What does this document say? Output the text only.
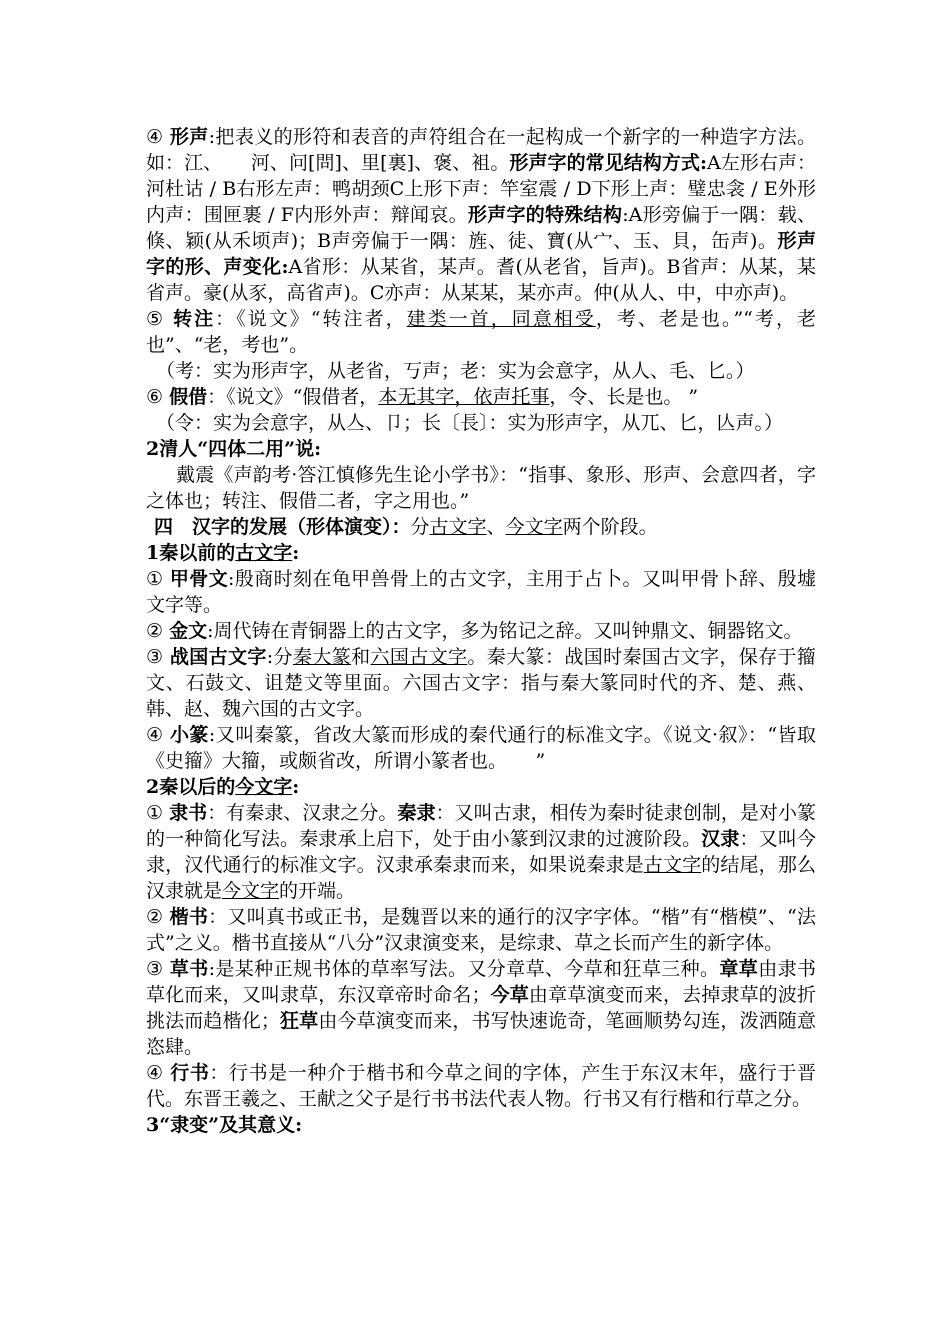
④ 形声:把表义的形符和表音的声符组合在一起构成一个新字的一种造字方法。如：江、　　河、问[問]、里[裏]、褒、袓。形声字的常见结构方式:A左形右声：河杜诂 / B右形左声：鸭胡颈C上形下声：竿室震 / D下形上声：璧忠衾 / E外形内声：围匣裹 / F内形外声：辩闻哀。形声字的特殊结构:A形旁偏于一隅：载、倏、颖(从禾顷声)；B声旁偏于一隅：旌、徒、寶(从宀、玉、貝，缶声)。形声字的形、声变化:A省形：从某省，某声。耆(从老省，旨声)。B省声：从某，某省声。豪(从豕，高省声)。C亦声：从某某，某亦声。仲(从人、中，中亦声)。

⑤ 转注：《说文》“转注者，建类一首，同意相受，考、老是也。”“考，老也”、“老，考也”。

（考：实为形声字，从老省，丂声；老：实为会意字，从人、毛、匕。）

⑥ 假借：《说文》“假借者，本无其字，依声托事，令、长是也。 ”

（令：实为会意字，从亼、卩；长〔長〕：实为形声字，从兀、匕，亾声。）

2清人“四体二用”说:

戴震《声韵考·答江慎修先生论小学书》：“指事、象形、形声、会意四者，字之体也；转注、假借二者，字之用也。”

四　汉字的发展（形体演变）：分古文字、今文字两个阶段。

1秦以前的古文字:

① 甲骨文:殷商时刻在龟甲兽骨上的古文字，主用于占卜。又叫甲骨卜辞、殷墟文字等。

② 金文:周代铸在青铜器上的古文字，多为铭记之辞。又叫钟鼎文、铜器铭文。

③ 战国古文字:分秦大篆和六国古文字。秦大篆：战国时秦国古文字，保存于籀文、石鼓文、诅楚文等里面。六国古文字：指与秦大篆同时代的齐、楚、燕、韩、赵、魏六国的古文字。

④ 小篆:又叫秦篆，省改大篆而形成的秦代通行的标准文字。《说文·叙》：“皆取《史籀》大籀，或颇省改，所谓小篆者也。　　”

2秦以后的今文字:

① 隶书：有秦隶、汉隶之分。秦隶：又叫古隶，相传为秦时徒隶创制，是对小篆的一种简化写法。秦隶承上启下，处于由小篆到汉隶的过渡阶段。汉隶：又叫今隶，汉代通行的标准文字。汉隶承秦隶而来，如果说秦隶是古文字的结尾，那么汉隶就是今文字的开端。

② 楷书：又叫真书或正书，是魏晋以来的通行的汉字字体。“楷”有“楷模”、“法式”之义。楷书直接从“八分”汉隶演变来，是综隶、草之长而产生的新字体。

③ 草书:是某种正规书体的草率写法。又分章草、今草和狂草三种。章草由隶书草化而来，又叫隶草，东汉章帝时命名；今草由章草演变而来，去掉隶草的波折挑法而趋楷化；狂草由今草演变而来，书写快速诡奇，笔画顺势勾连，泼洒随意恣肆。

④ 行书：行书是一种介于楷书和今草之间的字体，产生于东汉末年，盛行于晋代。东晋王羲之、王献之父子是行书书法代表人物。行书又有行楷和行草之分。

3“隶变”及其意义:
